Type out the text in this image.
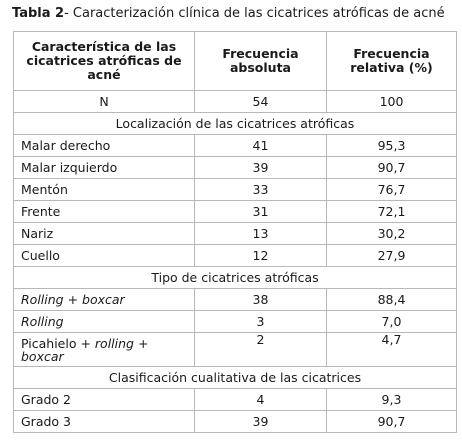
Tabla 2- Caracterización clínica de las cicatrices atróficas de acné
Característica de las cicatrices atróficas de acné	Frecuencia absoluta	Frecuencia relativa (%)
N	54	100
Localización de las cicatrices atróficas		
Malar derecho	41	95,3
Malar izquierdo	39	90,7
Mentón	33	76,7
Frente	31	72,1
Nariz	13	30,2
Cuello	12	27,9
Tipo de cicatrices atróficas		
Rolling + boxcar	38	88,4
Rolling	3	7,0
Picahielo + rolling + boxcar	2	4,7
Clasificación cualitativa de las cicatrices		
Grado 2	4	9,3
Grado 3	39	90,7
